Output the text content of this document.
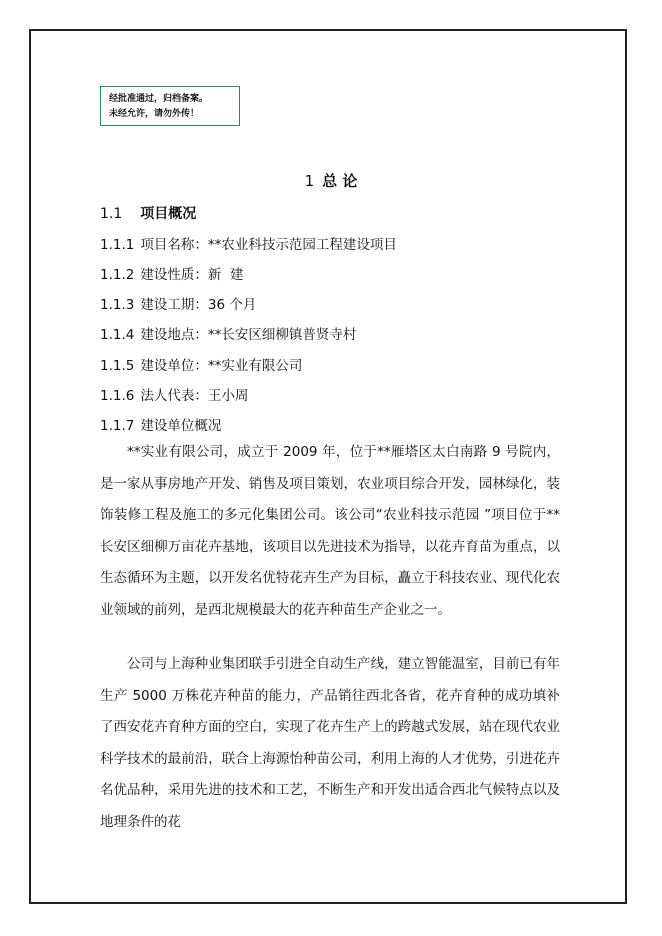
经批准通过，归档备案。
未经允许，请勿外传！
1 总 论
1.1 项目概况
1.1.1 项目名称：**农业科技示范园工程建设项目
1.1.2 建设性质：新  建
1.1.3 建设工期：36 个月
1.1.4 建设地点：**长安区细柳镇普贤寺村
1.1.5 建设单位：**实业有限公司
1.1.6 法人代表：王小周
1.1.7 建设单位概况
**实业有限公司，成立于 2009 年，位于**雁塔区太白南路 9 号院内，是一家从事房地产开发、销售及项目策划，农业项目综合开发，园林绿化，装饰装修工程及施工的多元化集团公司。该公司“农业科技示范园 ”项目位于**长安区细柳万亩花卉基地，该项目以先进技术为指导，以花卉育苗为重点，以生态循环为主题，以开发名优特花卉生产为目标，矗立于科技农业、现代化农业领域的前列，是西北规模最大的花卉种苗生产企业之一。
公司与上海种业集团联手引进全自动生产线，建立智能温室，目前已有年生产 5000 万株花卉种苗的能力，产品销往西北各省，花卉育种的成功填补了西安花卉育种方面的空白，实现了花卉生产上的跨越式发展，站在现代农业科学技术的最前沿，联合上海源怡种苗公司，利用上海的人才优势，引进花卉名优品种，采用先进的技术和工艺，不断生产和开发出适合西北气候特点以及地理条件的花
